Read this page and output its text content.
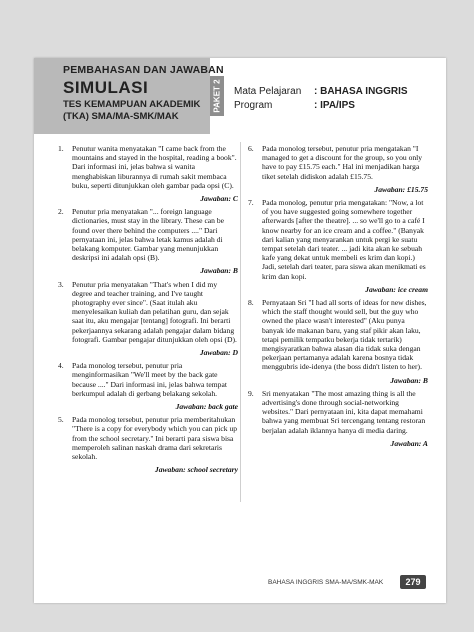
PEMBAHASAN DAN JAWABAN
SIMULASI
TES KEMAMPUAN AKADEMIK
(TKA) SMA/MA-SMK/MAK
PAKET 2 Mata Pelajaran : BAHASA INGGRIS
Program	: IPA/IPS
1. Penutur wanita menyatakan "I came back from the mountains and stayed in the hospital, reading a book". Dari informasi ini, jelas bahwa si wanita menghabiskan liburannya di rumah sakit membaca buku, seperti ditunjukkan oleh gambar pada opsi (C).
Jawaban: C
2. Penutur pria menyatakan "... foreign language dictionaries, must stay in the library. These can be found over there behind the computers ...." Dari pernyataan ini, jelas bahwa letak kamus adalah di belakang komputer. Gambar yang menunjukkan deskripsi ini adalah opsi (B).
Jawaban: B
3. Penutur pria menyatakan "That's when I did my degree and teacher training, and I've taught photography ever since". (Saat itulah aku menyelesaikan kuliah dan pelatihan guru, dan sejak saat itu, aku mengajar [tentang] fotografi. Ini berarti pekerjaannya sekarang adalah pengajar dalam bidang fotografi. Gambar pengajar ditunjukkan oleh opsi (D).
Jawaban: D
4. Pada monolog tersebut, penutur pria menginformasikan "We'll meet by the back gate because ...." Dari informasi ini, jelas bahwa tempat berkumpul adalah di gerbang belakang sekolah.
Jawaban: back gate
5. Pada monolog tersebut, penutur pria memberitahukan "There is a copy for everybody which you can pick up from the school secretary." Ini berarti para siswa bisa memperoleh salinan naskah drama dari sekretaris sekolah.
Jawaban: school secretary
6. Pada monolog tersebut, penutur pria mengatakan "I managed to get a discount for the group, so you only have to pay £15.75 each." Hal ini menjadikan harga tiket setelah didiskon adalah £15.75.
Jawaban: £15.75
7. Pada monolog, penutur pria mengatakan: "Now, a lot of you have suggested going somewhere together afterwards [after the theatre]. ... so we'll go to a café I know nearby for an ice cream and a coffee." (Banyak dari kalian yang menyarankan untuk pergi ke suatu tempat setelah dari teater. ... jadi kita akan ke sebuah kafe yang dekat untuk membeli es krim dan kopi.) Jadi, setelah dari teater, para siswa akan menikmati es krim dan kopi.
Jawaban: ice cream
8. Pernyataan Sri "I had all sorts of ideas for new dishes, which the staff thought would sell, but the guy who owned the place wasn't interested" (Aku punya banyak ide makanan baru, yang staf pikir akan laku, tetapi pemilik tempatku bekerja tidak tertarik) mengisyaratkan bahwa alasan dia tidak suka dengan pekerjaan pertamanya adalah karena bosnya tidak menggubris ide-idenya (the boss didn't listen to her).
Jawaban: B
9. Sri menyatakan "The most amazing thing is all the advertising's done through social-networking websites." Dari pernyataan ini, kita dapat memahami bahwa yang membuat Sri tercengang tentang restoran berjalan adalah iklannya hanya di media daring.
Jawaban: A
BAHASA INGGRIS SMA-MA/SMK-MAK	279
